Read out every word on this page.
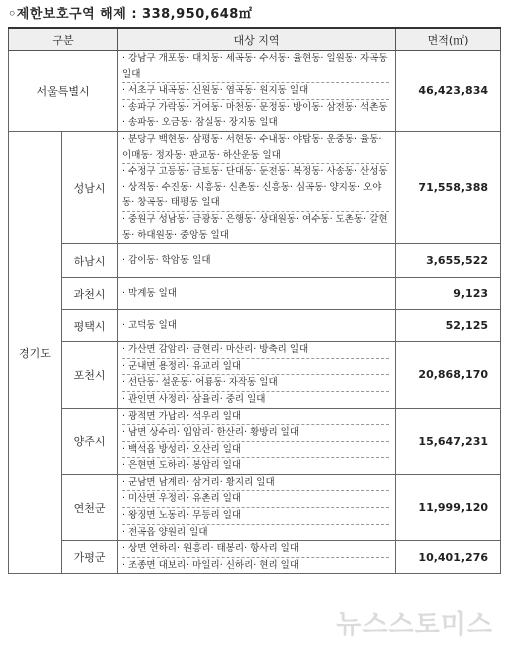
◦제한보호구역 해제 : 338,950,648㎡
구분		대상 지역	면적(㎡)
서울특별시		· 강남구 개포동· 대치동· 세곡동· 수서동· 율현동· 일원동· 자곡동 일대
· 서초구 내곡동· 신원동· 염곡동· 원지동 일대
· 송파구 가락동· 거여동· 마천동· 문정동· 방이동· 삼전동· 석촌동· 송파동· 오금동· 잠실동· 장지동 일대	46,423,834
경기도	성남시	· 분당구 백현동· 삼평동· 서현동· 수내동· 야탑동· 운중동· 율동· 이매동· 정자동· 판교동· 하산운동 일대
· 수정구 고등동· 금토동· 단대동· 둔전동· 복정동· 사송동· 산성동· 상적동· 수진동· 시흥동· 신촌동· 신흥동· 심곡동· 양지동· 오야동· 창곡동· 태평동 일대
· 중원구 성남동· 금광동· 은행동· 상대원동· 여수동· 도촌동· 갈현동· 하대원동· 중앙동 일대	71,558,388
	하남시	· 감이동· 학암동 일대	3,655,522
	과천시	· 막계동 일대	9,123
	평택시	· 고덕동 일대	52,125
	포천시	· 가산면 감암리· 금현리· 마산리· 방축리 일대
· 군내면 용정리· 유교리 일대
· 선단동· 설운동· 어룡동· 자작동 일대
· 관인면 사정리· 삼율리· 중리 일대	20,868,170
	양주시	· 광적면 가납리· 석우리 일대
· 남면 상수리· 입암리· 한산리· 황방리 일대
· 백석읍 방성리· 오산리 일대
· 은현면 도하리· 봉암리 일대	15,647,231
	연천군	· 군남면 남계리· 삼거리· 황지리 일대
· 미산면 우정리· 유촌리 일대
· 왕징면 노동리· 무등리 일대
· 전곡읍 양원리 일대	11,999,120
	가평군	· 상면 연하리· 원흥리· 태봉리· 항사리 일대
· 조종면 대보리· 마일리· 신하리· 현리 일대	10,401,276
뉴스스토미스
